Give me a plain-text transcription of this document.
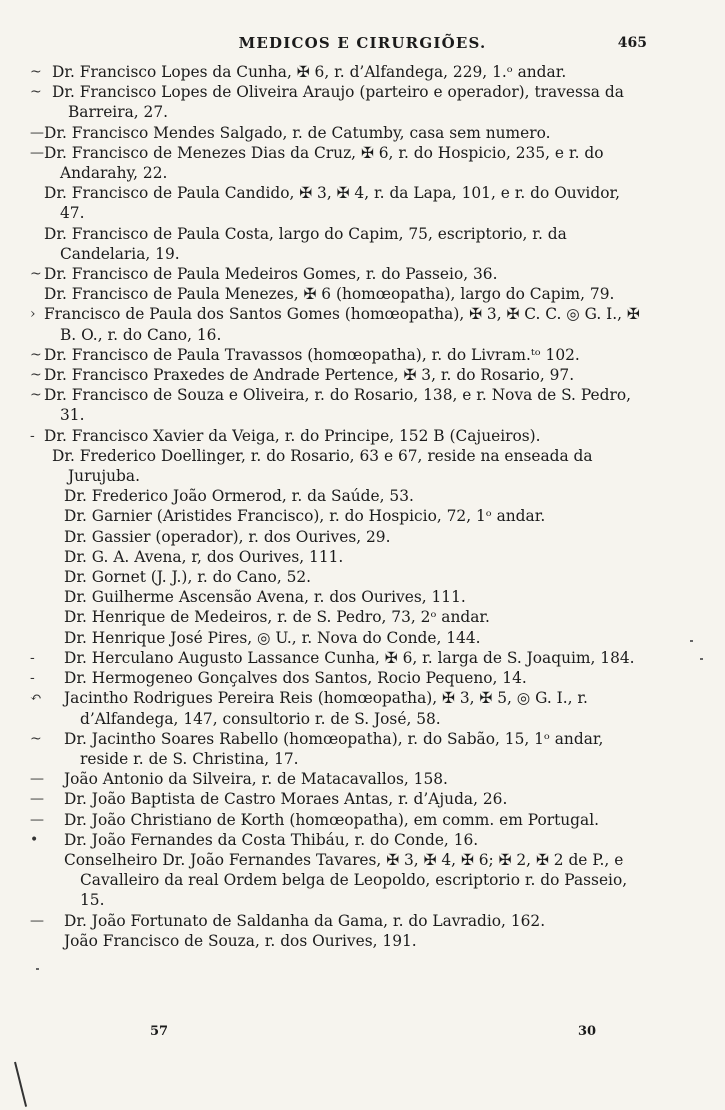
MEDICOS E CIRURGIÕES.	465

~ Dr. Francisco Lopes da Cunha, ✠ 6, r. d’Alfandega, 229, 1.ᵒ andar.

~ Dr. Francisco Lopes de Oliveira Araujo (parteiro e operador), travessa da Barreira, 27.

— Dr. Francisco Mendes Salgado, r. de Catumby, casa sem numero.

— Dr. Francisco de Menezes Dias da Cruz, ✠ 6, r. do Hospicio, 235, e r. do Andarahy, 22.

Dr. Francisco de Paula Candido, ✠ 3, ✠ 4, r. da Lapa, 101, e r. do Ouvidor, 47.

Dr. Francisco de Paula Costa, largo do Capim, 75, escriptorio, r. da Candelaria, 19.

~ Dr. Francisco de Paula Medeiros Gomes, r. do Passeio, 36.

Dr. Francisco de Paula Menezes, ✠ 6 (homœopatha), largo do Capim, 79.

› Francisco de Paula dos Santos Gomes (homœopatha), ✠ 3, ✠ C. C. ◎ G. I., ✠ B. O., r. do Cano, 16.

~ Dr. Francisco de Paula Travassos (homœopatha), r. do Livram.ᵗᵒ 102.

~ Dr. Francisco Praxedes de Andrade Pertence, ✠ 3, r. do Rosario, 97.

~ Dr. Francisco de Souza e Oliveira, r. do Rosario, 138, e r. Nova de S. Pedro, 31.

- Dr. Francisco Xavier da Veiga, r. do Principe, 152 B (Cajueiros).

Dr. Frederico Doellinger, r. do Rosario, 63 e 67, reside na enseada da Jurujuba.

Dr. Frederico João Ormerod, r. da Saúde, 53.

Dr. Garnier (Aristides Francisco), r. do Hospicio, 72, 1ᵒ andar.

Dr. Gassier (operador), r. dos Ourives, 29.

Dr. G. A. Avena, r, dos Ourives, 111.

Dr. Gornet (J. J.), r. do Cano, 52.

Dr. Guilherme Ascensão Avena, r. dos Ourives, 111.

Dr. Henrique de Medeiros, r. de S. Pedro, 73, 2ᵒ andar.

Dr. Henrique José Pires, ◎ U., r. Nova do Conde, 144.

- Dr. Herculano Augusto Lassance Cunha, ✠ 6, r. larga de S. Joaquim, 184.

- Dr. Hermogeneo Gonçalves dos Santos, Rocio Pequeno, 14.

↶ Jacintho Rodrigues Pereira Reis (homœopatha), ✠ 3, ✠ 5, ◎ G. I., r. d’Alfandega, 147, consultorio r. de S. José, 58.

~ Dr. Jacintho Soares Rabello (homœopatha), r. do Sabão, 15, 1ᵒ andar, reside r. de S. Christina, 17.

— João Antonio da Silveira, r. de Matacavallos, 158.

— Dr. João Baptista de Castro Moraes Antas, r. d’Ajuda, 26.

— Dr. João Christiano de Korth (homœopatha), em comm. em Portugal.

• Dr. João Fernandes da Costa Thibáu, r. do Conde, 16.

Conselheiro Dr. João Fernandes Tavares, ✠ 3, ✠ 4, ✠ 6; ✠ 2, ✠ 2 de P., e Cavalleiro da real Ordem belga de Leopoldo, escriptorio r. do Passeio, 15.

— Dr. João Fortunato de Saldanha da Gama, r. do Lavradio, 162.

João Francisco de Souza, r. dos Ourives, 191.

57	30
